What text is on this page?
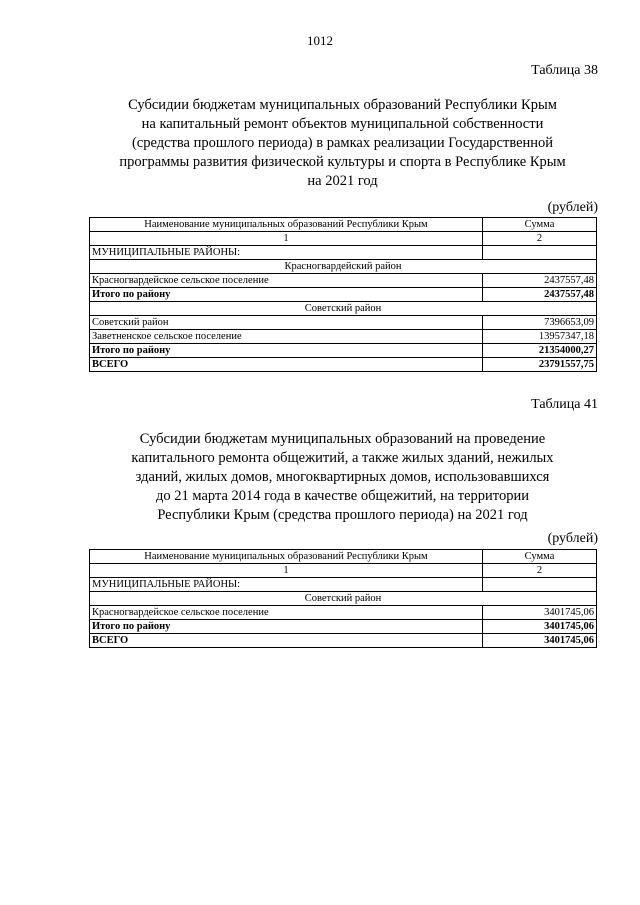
1012
Таблица 38
Субсидии бюджетам муниципальных образований Республики Крым
на капитальный ремонт объектов муниципальной собственности
(средства прошлого периода) в рамках реализации Государственной
программы развития физической культуры и спорта в Республике Крым
на 2021 год
(рублей)
Наименование муниципальных образований Республики Крым	Сумма
1	2
МУНИЦИПАЛЬНЫЕ РАЙОНЫ:	
Красногвардейский район	
Красногвардейское сельское поселение	2437557,48
Итого по району	2437557,48
Советский район	
Советский район	7396653,09
Заветненское сельское поселение	13957347,18
Итого по району	21354000,27
ВСЕГО	23791557,75
Таблица 41
Субсидии бюджетам муниципальных образований на проведение
капитального ремонта общежитий, а также жилых зданий, нежилых
зданий, жилых домов, многоквартирных домов, использовавшихся
до 21 марта 2014 года в качестве общежитий, на территории
Республики Крым (средства прошлого периода) на 2021 год
(рублей)
Наименование муниципальных образований Республики Крым	Сумма
1	2
МУНИЦИПАЛЬНЫЕ РАЙОНЫ:	
Советский район	
Красногвардейское сельское поселение	3401745,06
Итого по району	3401745,06
ВСЕГО	3401745,06
